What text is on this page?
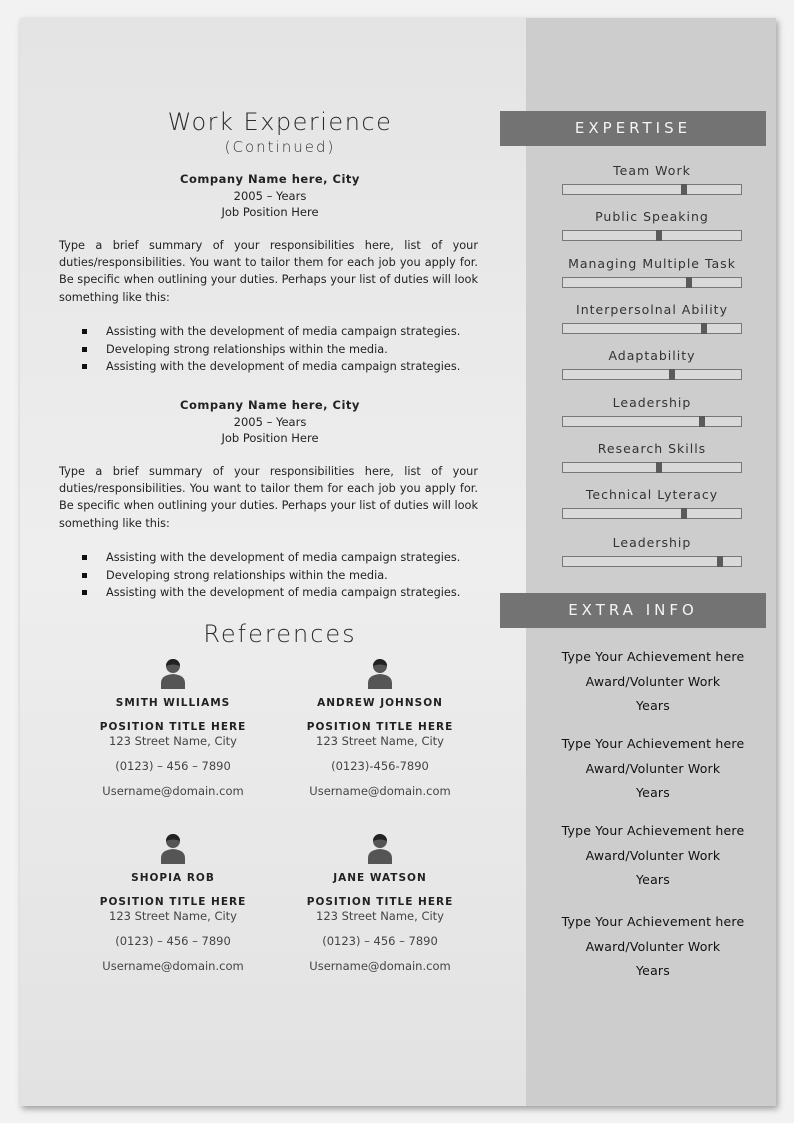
Work Experience
(Continued)
Company Name here, City
2005 – Years
Job Position Here
Type a brief summary of your responsibilities here, list of your duties/responsibilities. You want to tailor them for each job you apply for. Be specific when outlining your duties. Perhaps your list of duties will look something like this:
Assisting with the development of media campaign strategies.
Developing strong relationships within the media.
Assisting with the development of media campaign strategies.
Company Name here, City
2005 – Years
Job Position Here
Type a brief summary of your responsibilities here, list of your duties/responsibilities. You want to tailor them for each job you apply for. Be specific when outlining your duties. Perhaps your list of duties will look something like this:
Assisting with the development of media campaign strategies.
Developing strong relationships within the media.
Assisting with the development of media campaign strategies.
References
SMITH WILLIAMS
POSITION TITLE HERE
123 Street Name, City
(0123) – 456 – 7890
Username@domain.com
ANDREW JOHNSON
POSITION TITLE HERE
123 Street Name, City
(0123)-456-7890
Username@domain.com
SHOPIA ROB
POSITION TITLE HERE
123 Street Name, City
(0123) – 456 – 7890
Username@domain.com
JANE WATSON
POSITION TITLE HERE
123 Street Name, City
(0123) – 456 – 7890
Username@domain.com
EXPERTISE
Team Work
Public Speaking
Managing Multiple Task
Interpersolnal Ability
Adaptability
Leadership
Research Skills
Technical Lyteracy
Leadership
EXTRA INFO
Type Your Achievement here
Award/Volunter Work
Years
Type Your Achievement here
Award/Volunter Work
Years
Type Your Achievement here
Award/Volunter Work
Years
Type Your Achievement here
Award/Volunter Work
Years
